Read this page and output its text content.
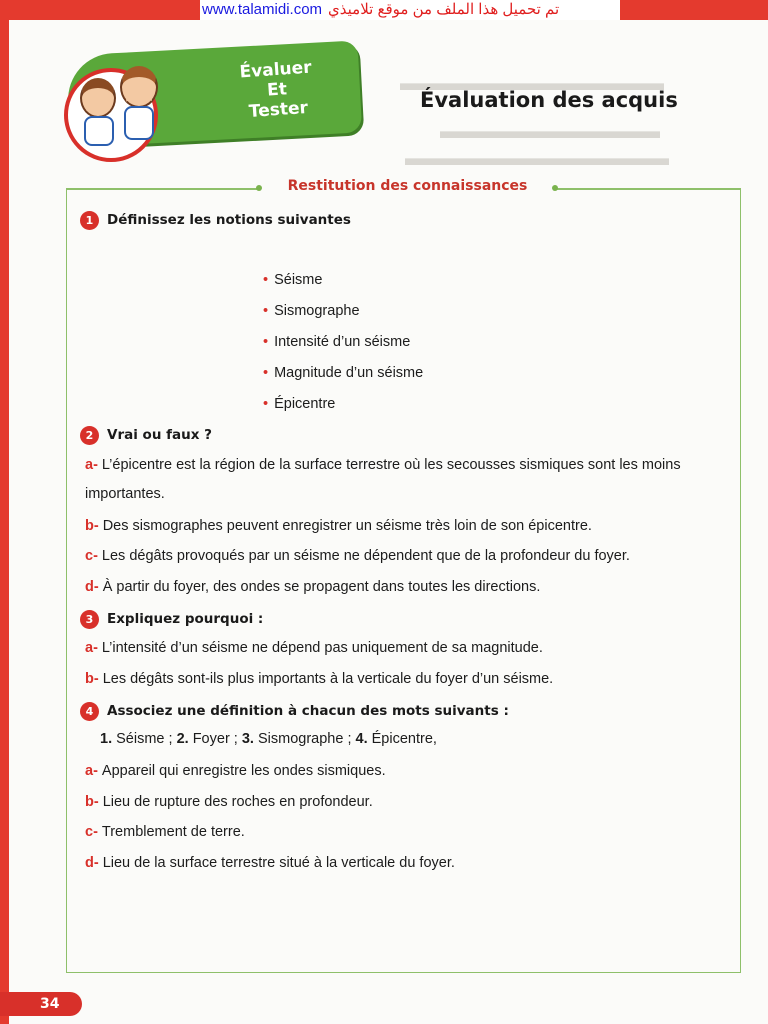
www.talamidi.com تم تحميل هذا الملف من موقع تلاميذي
▬▬▬▬▬▬▬▬▬▬▬▬
▬▬▬▬▬▬▬▬▬▬
▬▬▬▬▬▬▬▬▬▬▬▬
Évaluer
Et
Tester	Évaluation des acquis
Restitution des connaissances
1	Définissez les notions suivantes
• Séisme
• Sismographe
• Intensité d’un séisme
• Magnitude d’un séisme
• Épicentre
2	Vrai ou faux ?
a- L’épicentre est la région de la surface terrestre où les secousses sismiques sont les moins importantes.
b- Des sismographes peuvent enregistrer un séisme très loin de son épicentre.
c- Les dégâts provoqués par un séisme ne dépendent que de la profondeur du foyer.
d- À partir du foyer, des ondes se propagent dans toutes les directions.
3	Expliquez pourquoi :
a- L’intensité d’un séisme ne dépend pas uniquement de sa magnitude.
b- Les dégâts sont-ils plus importants à la verticale du foyer d’un séisme.
4	Associez une définition à chacun des mots suivants :
1. Séisme ; 2. Foyer ; 3. Sismographe ; 4. Épicentre,
a- Appareil qui enregistre les ondes sismiques.
b- Lieu de rupture des roches en profondeur.
c- Tremblement de terre.
d- Lieu de la surface terrestre situé à la verticale du foyer.
34
